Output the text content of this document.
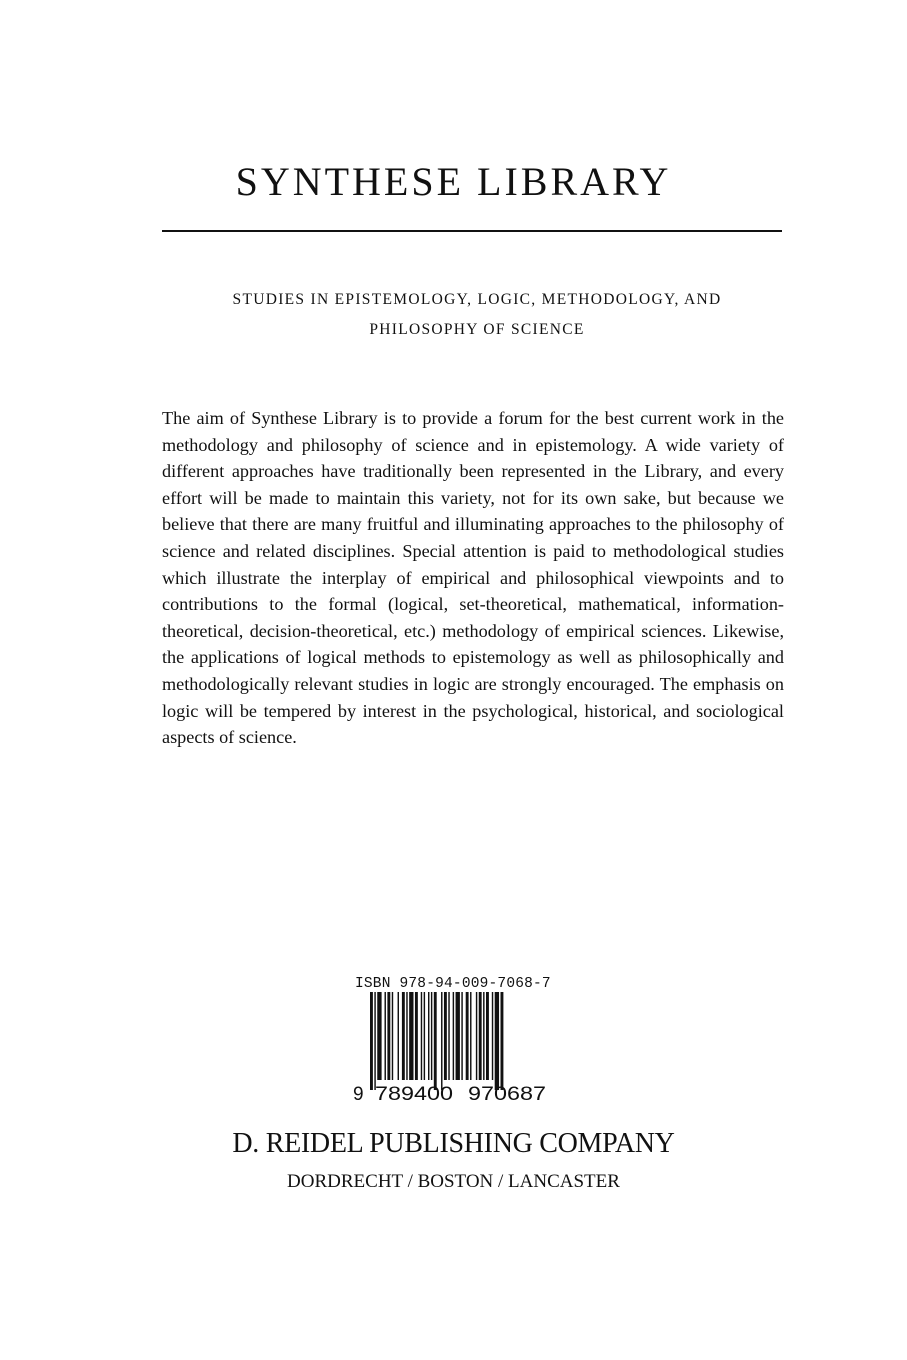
SYNTHESE LIBRARY
STUDIES IN EPISTEMOLOGY, LOGIC, METHODOLOGY, AND
PHILOSOPHY OF SCIENCE

The aim of Synthese Library is to provide a forum for the best current work in the methodology and philosophy of science and in epistemology. A wide variety of different approaches have traditionally been represented in the Library, and every effort will be made to maintain this variety, not for its own sake, but because we believe that there are many fruitful and illuminating approaches to the philosophy of science and related disciplines. Special attention is paid to methodological studies which illustrate the interplay of empirical and philosophical viewpoints and to contributions to the formal (logical, set-theoretical, mathematical, information-theoretical, decision-theoretical, etc.) methodology of empirical sciences. Likewise, the applications of logical methods to epistemology as well as philosophically and methodologically relevant studies in logic are strongly encouraged. The emphasis on logic will be tempered by interest in the psychological, historical, and sociological aspects of science.

ISBN 978-94-009-7068-7
9 789400 970687
D. REIDEL PUBLISHING COMPANY
DORDRECHT / BOSTON / LANCASTER
